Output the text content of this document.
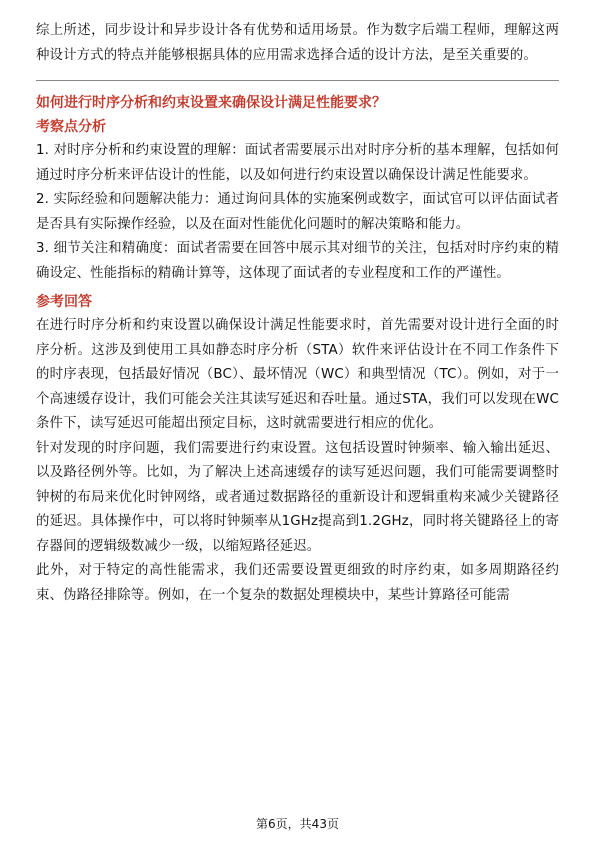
综上所述，同步设计和异步设计各有优势和适用场景。作为数字后端工程师，理解这两种设计方式的特点并能够根据具体的应用需求选择合适的设计方法，是至关重要的。

如何进行时序分析和约束设置来确保设计满足性能要求？

考察点分析

1. 对时序分析和约束设置的理解：面试者需要展示出对时序分析的基本理解，包括如何通过时序分析来评估设计的性能，以及如何进行约束设置以确保设计满足性能要求。

2. 实际经验和问题解决能力：通过询问具体的实施案例或数字，面试官可以评估面试者是否具有实际操作经验，以及在面对性能优化问题时的解决策略和能力。

3. 细节关注和精确度：面试者需要在回答中展示其对细节的关注，包括对时序约束的精确设定、性能指标的精确计算等，这体现了面试者的专业程度和工作的严谨性。

参考回答

在进行时序分析和约束设置以确保设计满足性能要求时，首先需要对设计进行全面的时序分析。这涉及到使用工具如静态时序分析（STA）软件来评估设计在不同工作条件下的时序表现，包括最好情况（BC）、最坏情况（WC）和典型情况（TC）。例如，对于一个高速缓存设计，我们可能会关注其读写延迟和吞吐量。通过STA，我们可以发现在WC条件下，读写延迟可能超出预定目标，这时就需要进行相应的优化。

针对发现的时序问题，我们需要进行约束设置。这包括设置时钟频率、输入输出延迟、以及路径例外等。比如，为了解决上述高速缓存的读写延迟问题，我们可能需要调整时钟树的布局来优化时钟网络，或者通过数据路径的重新设计和逻辑重构来减少关键路径的延迟。具体操作中，可以将时钟频率从1GHz提高到1.2GHz，同时将关键路径上的寄存器间的逻辑级数减少一级，以缩短路径延迟。

此外，对于特定的高性能需求，我们还需要设置更细致的时序约束，如多周期路径约束、伪路径排除等。例如，在一个复杂的数据处理模块中，某些计算路径可能需

第6页，共43页
